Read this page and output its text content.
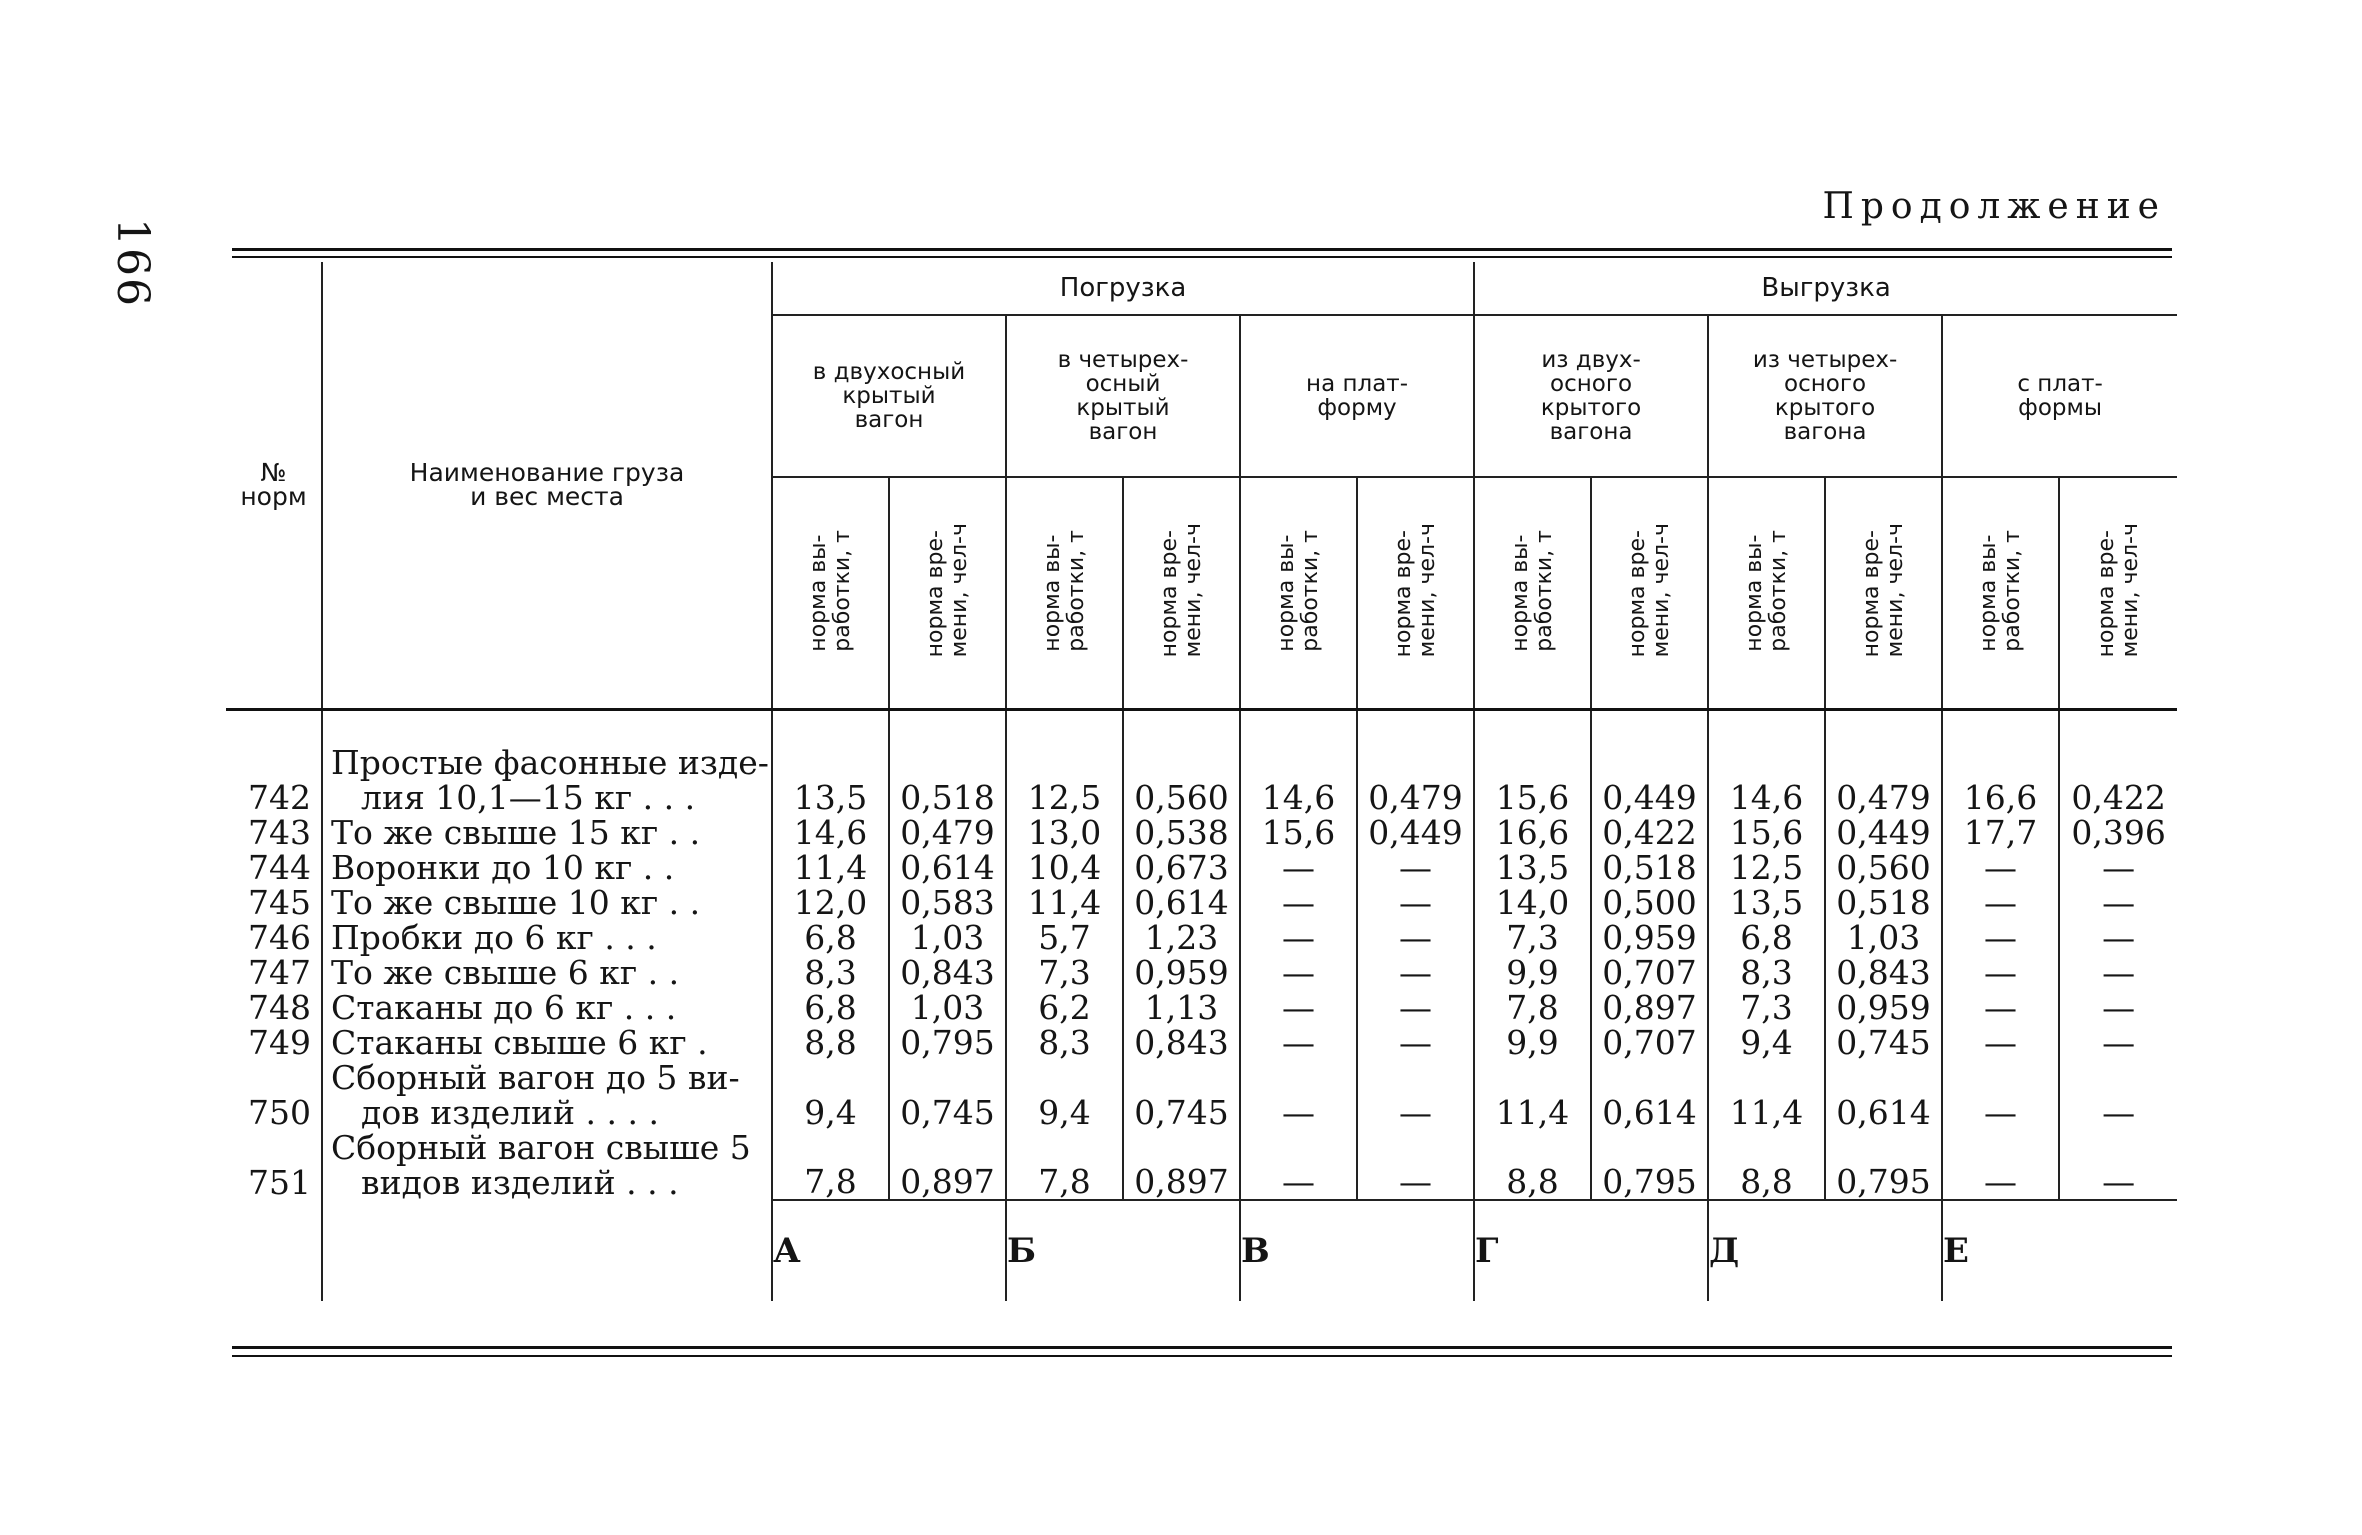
166
Продолжение
№
норм	Наименование груза
и вес места	Погрузка						Выгрузка					
		в двухосный
крытый
вагон		в четырех-
осный
крытый
вагон		на плат-
форму		из двух-
осного
крытого
вагона		из четырех-
осного
крытого
вагона		с плат-
формы	
		норма вы-
работки, т	норма вре-
мени, чел-ч	норма вы-
работки, т	норма вре-
мени, чел-ч	норма вы-
работки, т	норма вре-
мени, чел-ч	норма вы-
работки, т	норма вре-
мени, чел-ч	норма вы-
работки, т	норма вре-
мени, чел-ч	норма вы-
работки, т	норма вре-
мени, чел-ч
742	Простые фасонные изде-
лия 10,1—15 кг . . .	13,5	0,518	12,5	0,560	14,6	0,479	15,6	0,449	14,6	0,479	16,6	0,422
743	То же свыше 15 кг . .	14,6	0,479	13,0	0,538	15,6	0,449	16,6	0,422	15,6	0,449	17,7	0,396
744	Воронки до 10 кг . .	11,4	0,614	10,4	0,673	—	—	13,5	0,518	12,5	0,560	—	—
745	То же свыше 10 кг . .	12,0	0,583	11,4	0,614	—	—	14,0	0,500	13,5	0,518	—	—
746	Пробки до 6 кг . . .	6,8	1,03	5,7	1,23	—	—	7,3	0,959	6,8	1,03	—	—
747	То же свыше 6 кг . .	8,3	0,843	7,3	0,959	—	—	9,9	0,707	8,3	0,843	—	—
748	Стаканы до 6 кг . . .	6,8	1,03	6,2	1,13	—	—	7,8	0,897	7,3	0,959	—	—
749	Стаканы свыше 6 кг .	8,8	0,795	8,3	0,843	—	—	9,9	0,707	9,4	0,745	—	—
750	Сборный вагон до 5 ви-
дов изделий . . . .	9,4	0,745	9,4	0,745	—	—	11,4	0,614	11,4	0,614	—	—
751	Сборный вагон свыше 5
видов изделий . . .	7,8	0,897	7,8	0,897	—	—	8,8	0,795	8,8	0,795	—	—
		А		Б		В		Г		Д		Е	
